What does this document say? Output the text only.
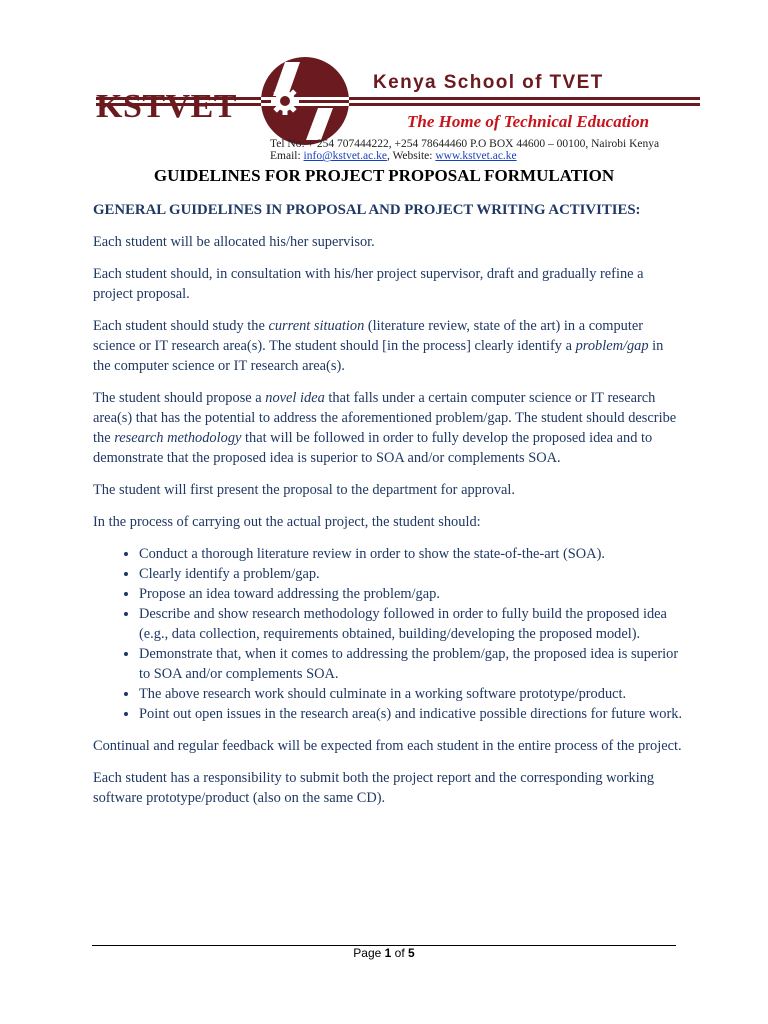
KSTVET
Kenya School of TVET
The Home of Technical Education
Tel No: + 254 707444222, +254 78644460 P.O BOX 44600 – 00100, Nairobi Kenya
Email: info@kstvet.ac.ke, Website: www.kstvet.ac.ke
GUIDELINES FOR PROJECT PROPOSAL FORMULATION
GENERAL GUIDELINES IN PROPOSAL AND PROJECT WRITING ACTIVITIES:

Each student will be allocated his/her supervisor.

Each student should, in consultation with his/her project supervisor, draft and gradually refine a project proposal.

Each student should study the current situation (literature review, state of the art) in a computer science or IT research area(s). The student should [in the process] clearly identify a problem/gap in the computer science or IT research area(s).

The student should propose a novel idea that falls under a certain computer science or IT research area(s) that has the potential to address the aforementioned problem/gap. The student should describe the research methodology that will be followed in order to fully develop the proposed idea and to demonstrate that the proposed idea is superior to SOA and/or complements SOA.

The student will first present the proposal to the department for approval.

In the process of carrying out the actual project, the student should:

• Conduct a thorough literature review in order to show the state-of-the-art (SOA).
• Clearly identify a problem/gap.
• Propose an idea toward addressing the problem/gap.
• Describe and show research methodology followed in order to fully build the proposed idea (e.g., data collection, requirements obtained, building/developing the proposed model).
• Demonstrate that, when it comes to addressing the problem/gap, the proposed idea is superior to SOA and/or complements SOA.
• The above research work should culminate in a working software prototype/product.
• Point out open issues in the research area(s) and indicative possible directions for future work.

Continual and regular feedback will be expected from each student in the entire process of the project.

Each student has a responsibility to submit both the project report and the corresponding working software prototype/product (also on the same CD).

Page 1 of 5
